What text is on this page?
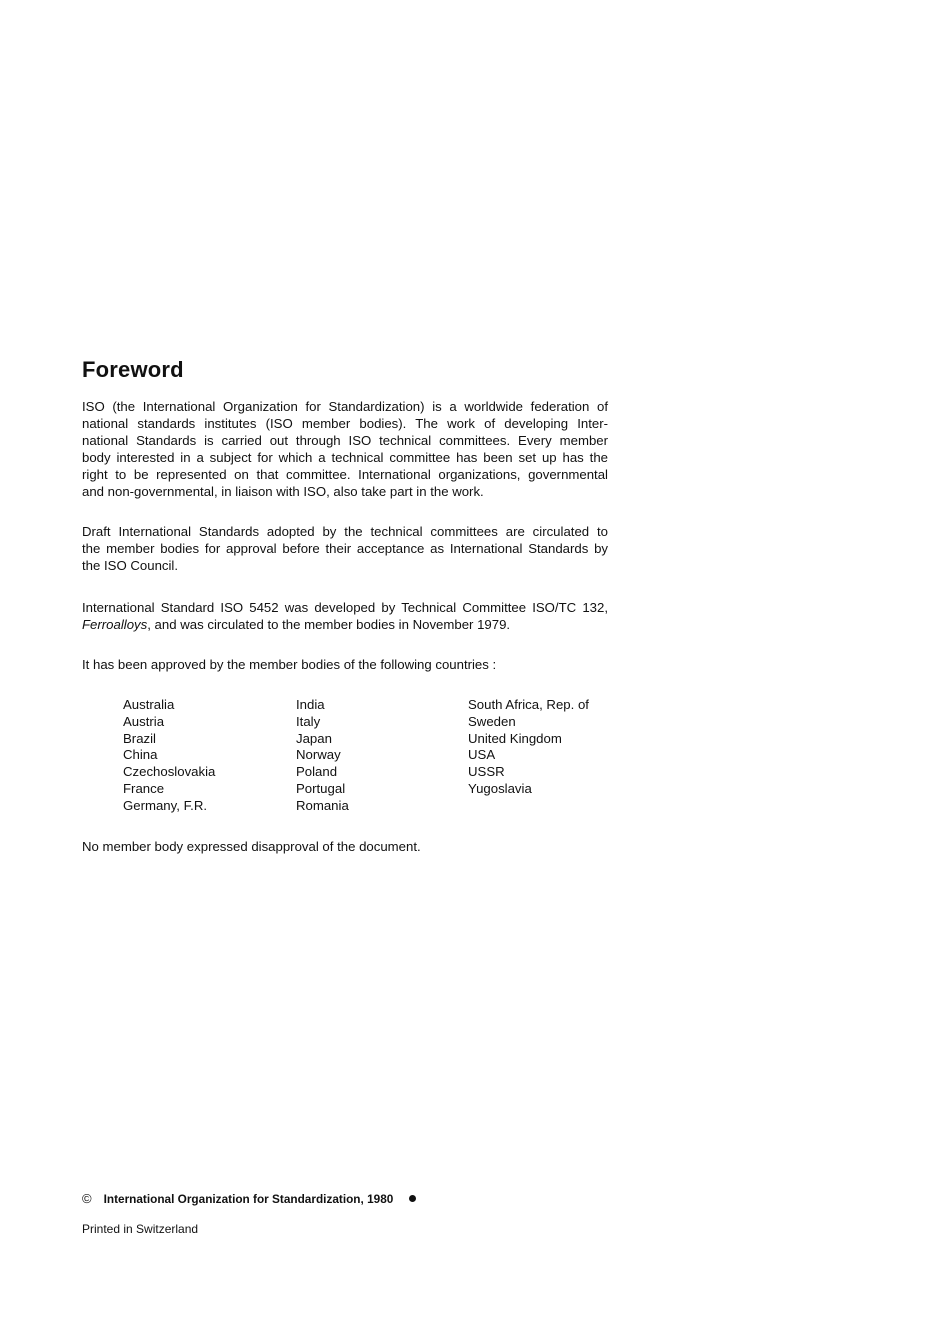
Foreword

ISO (the International Organization for Standardization) is a worldwide federation of
national standards institutes (ISO member bodies). The work of developing Inter-
national Standards is carried out through ISO technical committees. Every member
body interested in a subject for which a technical committee has been set up has the
right to be represented on that committee. International organizations, governmental
and non-governmental, in liaison with ISO, also take part in the work.

Draft International Standards adopted by the technical committees are circulated to
the member bodies for approval before their acceptance as International Standards by
the ISO Council.

International Standard ISO 5452 was developed by Technical Committee ISO/TC 132,
Ferroalloys, and was circulated to the member bodies in November 1979.

It has been approved by the member bodies of the following countries :

Australia
Austria
Brazil
China
Czechoslovakia
France
Germany, F.R.
India
Italy
Japan
Norway
Poland
Portugal
Romania
South Africa, Rep. of
Sweden
United Kingdom
USA
USSR
Yugoslavia

No member body expressed disapproval of the document.

© International Organization for Standardization, 1980
Printed in Switzerland
